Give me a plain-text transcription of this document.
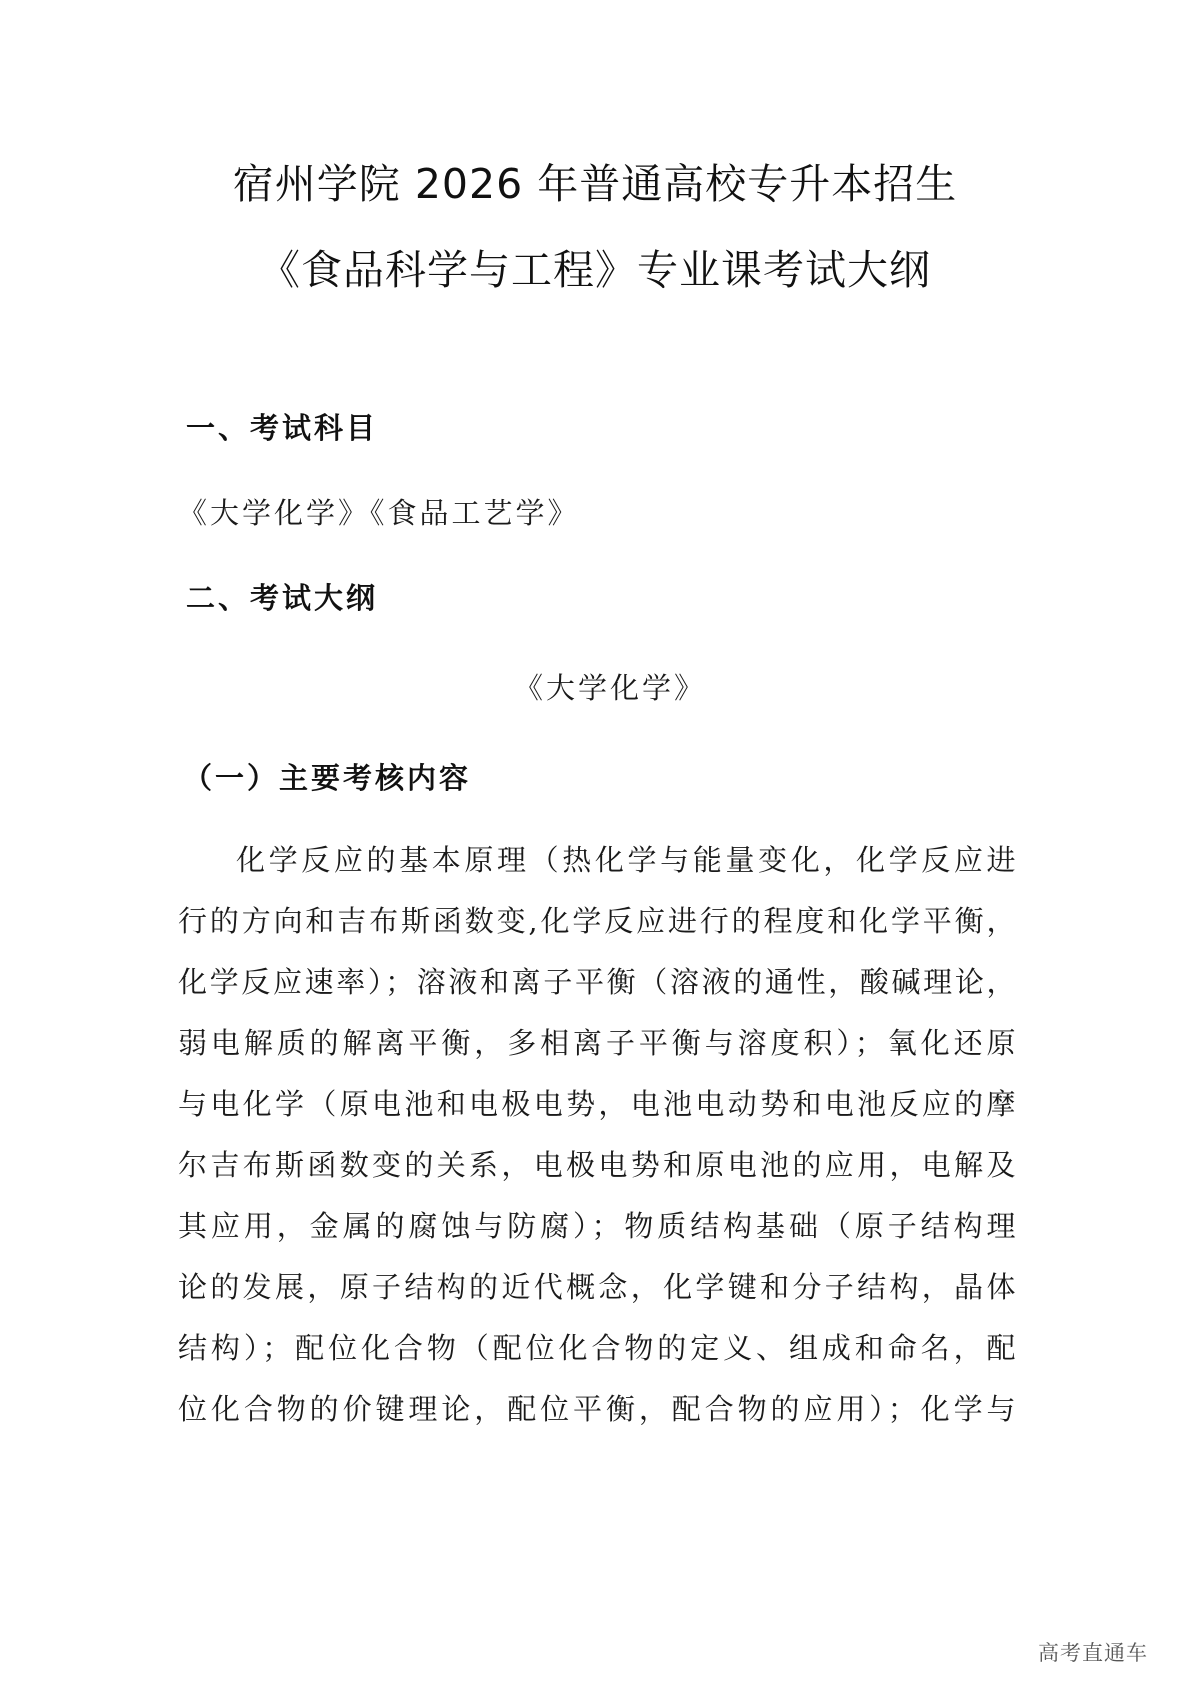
宿州学院 2026 年普通高校专升本招生
《食品科学与工程》专业课考试大纲
一、考试科目

《大学化学》《食品工艺学》

二、考试大纲

《大学化学》

（一）主要考核内容
化学反应的基本原理（热化学与能量变化，化学反应进
行的方向和吉布斯函数变,化学反应进行的程度和化学平衡，
化学反应速率）；溶液和离子平衡（溶液的通性，酸碱理论，
弱电解质的解离平衡，多相离子平衡与溶度积）；氧化还原
与电化学（原电池和电极电势，电池电动势和电池反应的摩
尔吉布斯函数变的关系，电极电势和原电池的应用，电解及
其应用，金属的腐蚀与防腐）；物质结构基础（原子结构理
论的发展，原子结构的近代概念，化学键和分子结构，晶体
结构）；配位化合物（配位化合物的定义、组成和命名，配
位化合物的价键理论，配位平衡，配合物的应用）；化学与
高考直通车
